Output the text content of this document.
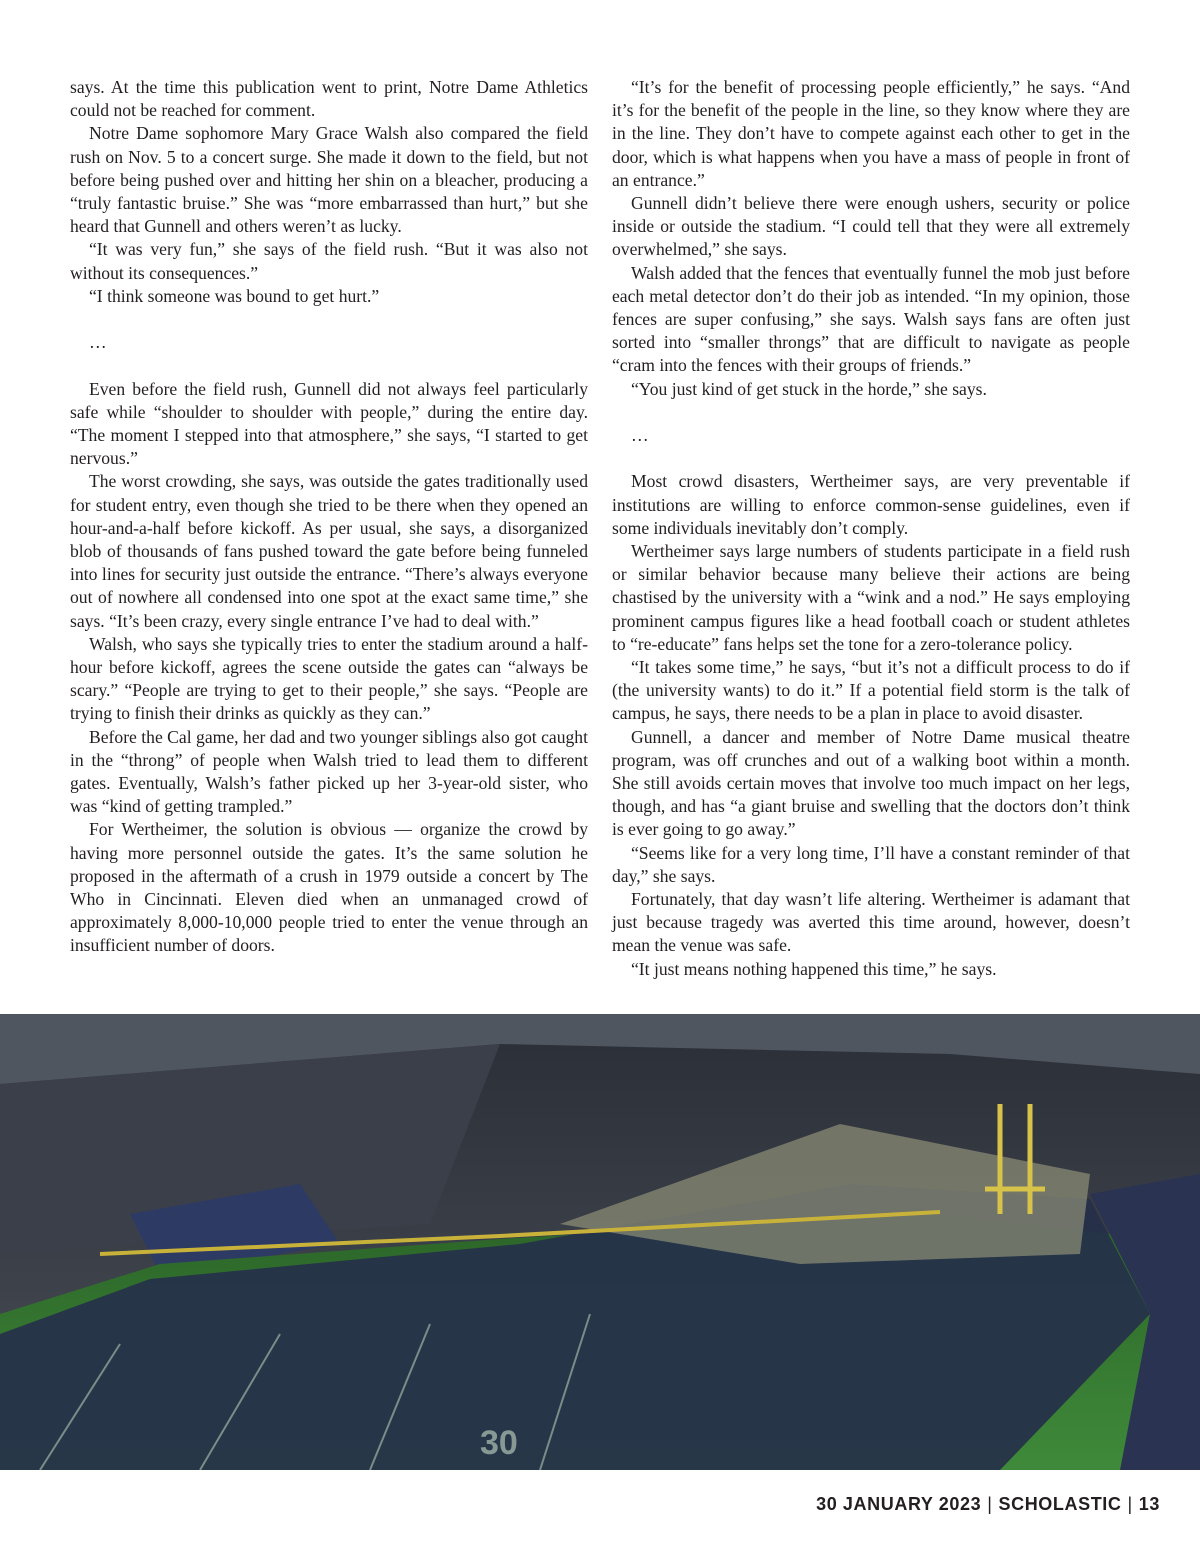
says. At the time this publication went to print, Notre Dame Athletics could not be reached for comment.

Notre Dame sophomore Mary Grace Walsh also compared the field rush on Nov. 5 to a concert surge. She made it down to the field, but not before being pushed over and hitting her shin on a bleacher, producing a “truly fantastic bruise.” She was “more embarrassed than hurt,” but she heard that Gunnell and others weren’t as lucky.

“It was very fun,” she says of the field rush. “But it was also not without its consequences.”

“I think someone was bound to get hurt.”

…

Even before the field rush, Gunnell did not always feel particularly safe while “shoulder to shoulder with people,” during the entire day. “The moment I stepped into that atmosphere,” she says, “I started to get nervous.”

The worst crowding, she says, was outside the gates traditionally used for student entry, even though she tried to be there when they opened an hour-and-a-half before kickoff. As per usual, she says, a disorganized blob of thousands of fans pushed toward the gate before being funneled into lines for security just outside the entrance. “There’s always everyone out of nowhere all condensed into one spot at the exact same time,” she says. “It’s been crazy, every single entrance I’ve had to deal with.”

Walsh, who says she typically tries to enter the stadium around a half-hour before kickoff, agrees the scene outside the gates can “always be scary.” “People are trying to get to their people,” she says. “People are trying to finish their drinks as quickly as they can.”

Before the Cal game, her dad and two younger siblings also got caught in the “throng” of people when Walsh tried to lead them to different gates. Eventually, Walsh’s father picked up her 3-year-old sister, who was “kind of getting trampled.”

For Wertheimer, the solution is obvious — organize the crowd by having more personnel outside the gates. It’s the same solution he proposed in the aftermath of a crush in 1979 outside a concert by The Who in Cincinnati. Eleven died when an unmanaged crowd of approximately 8,000-10,000 people tried to enter the venue through an insufficient number of doors.

“It’s for the benefit of processing people efficiently,” he says. “And it’s for the benefit of the people in the line, so they know where they are in the line. They don’t have to compete against each other to get in the door, which is what happens when you have a mass of people in front of an entrance.”

Gunnell didn’t believe there were enough ushers, security or police inside or outside the stadium. “I could tell that they were all extremely overwhelmed,” she says.

Walsh added that the fences that eventually funnel the mob just before each metal detector don’t do their job as intended. “In my opinion, those fences are super confusing,” she says. Walsh says fans are often just sorted into “smaller throngs” that are difficult to navigate as people “cram into the fences with their groups of friends.”

“You just kind of get stuck in the horde,” she says.

…

Most crowd disasters, Wertheimer says, are very preventable if institutions are willing to enforce common-sense guidelines, even if some individuals inevitably don’t comply.

Wertheimer says large numbers of students participate in a field rush or similar behavior because many believe their actions are being chastised by the university with a “wink and a nod.” He says employing prominent campus figures like a head football coach or student athletes to “re-educate” fans helps set the tone for a zero-tolerance policy.

“It takes some time,” he says, “but it’s not a difficult process to do if (the university wants) to do it.” If a potential field storm is the talk of campus, he says, there needs to be a plan in place to avoid disaster.

Gunnell, a dancer and member of Notre Dame musical theatre program, was off crunches and out of a walking boot within a month. She still avoids certain moves that involve too much impact on her legs, though, and has “a giant bruise and swelling that the doctors don’t think is ever going to go away.”

“Seems like for a very long time, I’ll have a constant reminder of that day,” she says.

Fortunately, that day wasn’t life altering. Wertheimer is adamant that just because tragedy was averted this time around, however, doesn’t mean the venue was safe.

“It just means nothing happened this time,” he says.

30
30 JANUARY 2023 | SCHOLASTIC | 13
